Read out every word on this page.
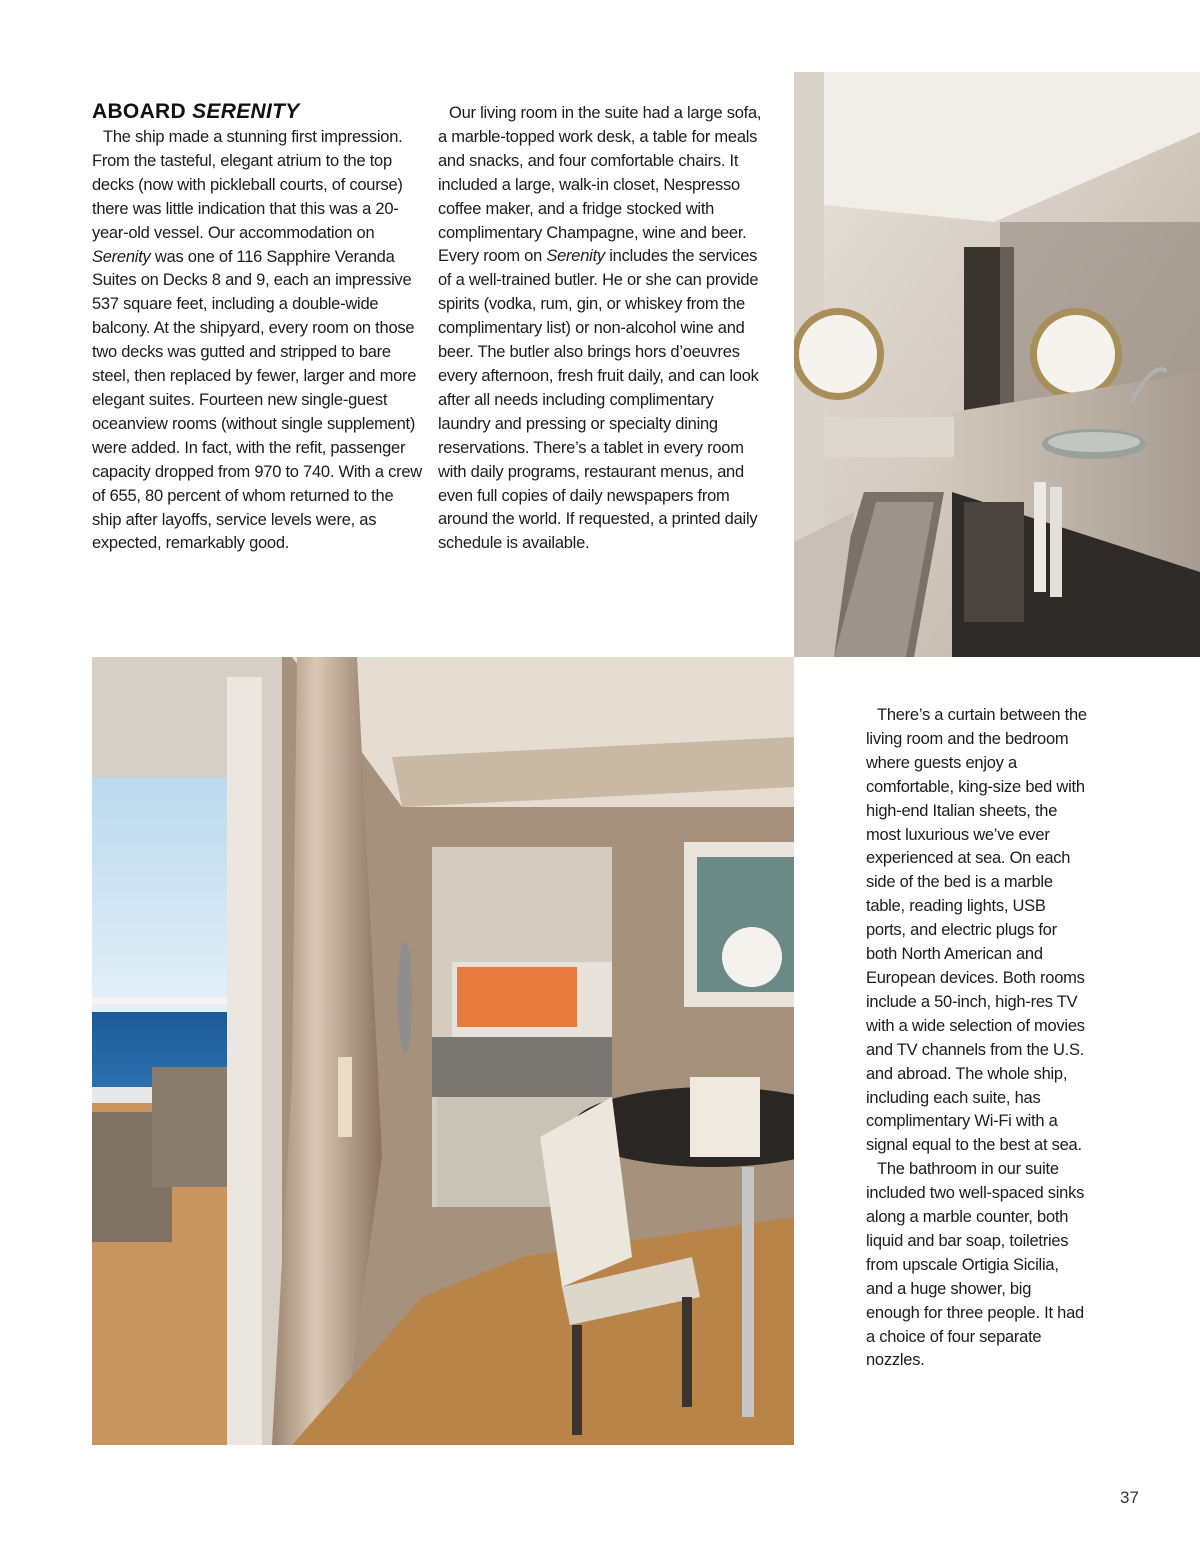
ABOARD SERENITY

The ship made a stunning first impression. From the tasteful, elegant atrium to the top decks (now with pickleball courts, of course) there was little indication that this was a 20-year-old vessel. Our accommodation on Serenity was one of 116 Sapphire Veranda Suites on Decks 8 and 9, each an impressive 537 square feet, including a double-wide balcony. At the shipyard, every room on those two decks was gutted and stripped to bare steel, then replaced by fewer, larger and more elegant suites. Fourteen new single-guest oceanview rooms (without single supplement) were added. In fact, with the refit, passenger capacity dropped from 970 to 740. With a crew of 655, 80 percent of whom returned to the ship after layoffs, service levels were, as expected, remarkably good.

Our living room in the suite had a large sofa, a marble-topped work desk, a table for meals and snacks, and four comfortable chairs. It included a large, walk-in closet, Nespresso coffee maker, and a fridge stocked with complimentary Champagne, wine and beer. Every room on Serenity includes the services of a well-trained butler. He or she can provide spirits (vodka, rum, gin, or whiskey from the complimentary list) or non-alcohol wine and beer. The butler also brings hors d’oeuvres every afternoon, fresh fruit daily, and can look after all needs including complimentary laundry and pressing or specialty dining reservations. There’s a tablet in every room with daily programs, restaurant menus, and even full copies of daily newspapers from around the world. If requested, a printed daily schedule is available.

There’s a curtain between the living room and the bedroom where guests enjoy a comfortable, king-size bed with high-end Italian sheets, the most luxurious we’ve ever experienced at sea. On each side of the bed is a marble table, reading lights, USB ports, and electric plugs for both North American and European devices. Both rooms include a 50-inch, high-res TV with a wide selection of movies and TV channels from the U.S. and abroad. The whole ship, including each suite, has complimentary Wi-Fi with a signal equal to the best at sea.

The bathroom in our suite included two well-spaced sinks along a marble counter, both liquid and bar soap, toiletries from upscale Ortigia Sicilia, and a huge shower, big enough for three people. It had a choice of four separate nozzles.

37
